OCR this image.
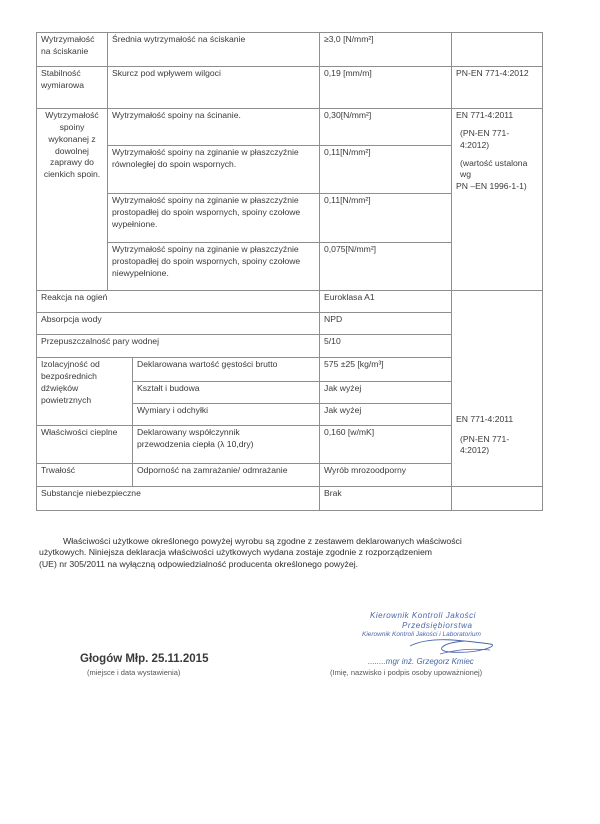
Wytrzymałość na ściskanie	Średnia wytrzymałość na ściskanie		≥3,0 [N/mm²]	
Stabilność wymiarowa	Skurcz pod wpływem wilgoci		0,19 [mm/m]	PN-EN 771-4:2012
Wytrzymałość spoiny wykonanej z dowolnej zaprawy do cienkich spoin.	Wytrzymałość spoiny na ścinanie.		0,30[N/mm²]	EN 771-4:2011
(PN-EN 771-4:2012)
(wartość ustalona wg
PN –EN 1996-1-1)

	Wytrzymałość spoiny na zginanie w płaszczyźnie równoległej do spoin wspornych.		0,11[N/mm²]	
	Wytrzymałość spoiny na zginanie w płaszczyźnie prostopadłej do spoin wspornych, spoiny czołowe wypełnione.		0,11[N/mm²]	
	Wytrzymałość spoiny na zginanie w płaszczyźnie prostopadłej do spoin wspornych, spoiny czołowe niewypełnione.		0,075[N/mm²]	
Reakcja na ogień			Euroklasa A1	EN 771-4:2011
(PN-EN 771-4:2012)

Absorpcja wody			NPD	
Przepuszczalność pary wodnej			5/10	
Izolacyjność od bezpośrednich dźwięków powietrznych		Deklarowana wartość gęstości brutto	575 ±25 [kg/m³]	
		Kształt i budowa	Jak wyżej	
		Wymiary i odchyłki	Jak wyżej	
Właściwości cieplne		Deklarowany współczynnik
przewodzenia ciepła (λ 10,dry)	0,160 [w/mK]	
Trwałość		Odporność na zamrażanie/ odmrażanie	Wyrób mrozoodporny	
Substancje niebezpieczne			Brak	
Właściwości użytkowe określonego powyżej wyrobu są zgodne z zestawem deklarowanych właściwości
użytkowych. Niniejsza deklaracja właściwości użytkowych wydana zostaje zgodnie z rozporządzeniem
(UE) nr 305/2011 na wyłączną odpowiedzialność producenta określonego powyżej.
Głogów Młp. 25.11.2015
(miejsce i data wystawienia)
Kierownik Kontroli Jakości
Przedsiębiorstwa
Kierownik Kontroli Jakości i Laboratorium
........mgr inż. Grzegorz Kmiec
(Imię, nazwisko i podpis osoby upoważnionej)
